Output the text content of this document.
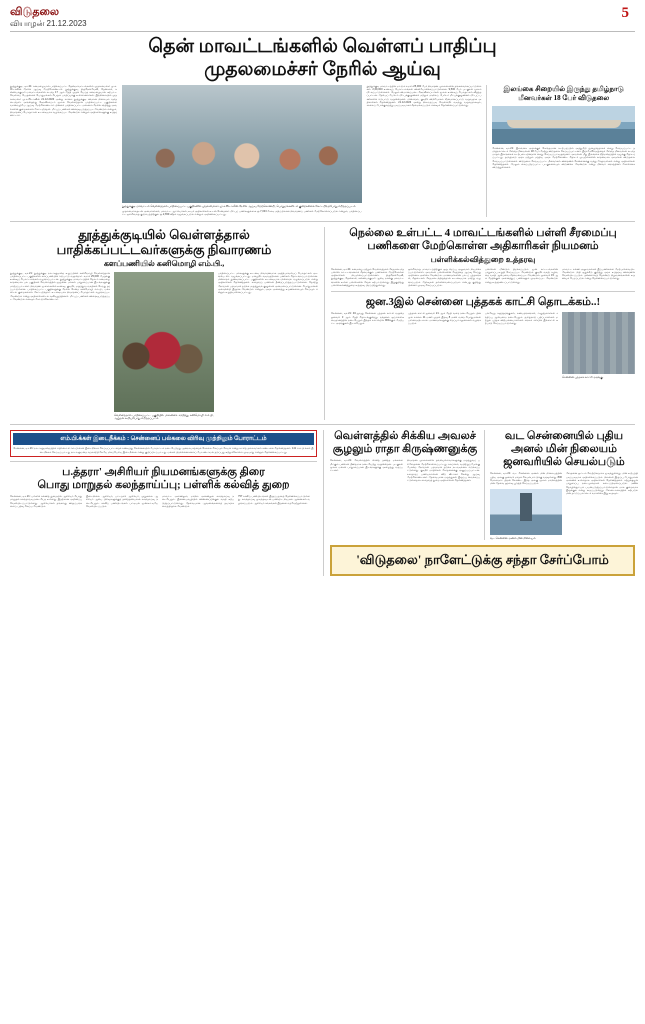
விடுதலை
வியாழன் 21.12.2023
5
தென் மாவட்டங்களில் வெள்ளப் பாதிப்பு
முதலமைச்சர் நேரில் ஆய்வு
தூத்துக்குடி, டிச.21: கனமழையால் பாதிக்கப்பட்ட தென்மாவட்டங்களில் முதலமைச்சர் மு.க.ஸ்டாலின் நேரில் ஆய்வு மேற்கொண்டார். தூத்துக்குடி, திருநெல்வேலி, தென்காசி, கன்னியாகுமரி மாவட்டங்களில் கடந்த 17 ஆம் தேதி முதல் பெய்த கனமழையால் ஏற்பட்ட வெள்ளப் பெருக்கால் பொதுமக்கள் பெரும் பாதிப்புக்கு உள்ளானார்கள். இந்நிலையில் முதலமைச்சர் மு.க.ஸ்டாலின் 21.12.2023 அன்று காலை தூத்துக்குடி விமான நிலையம் வந்தடைந்தார். அங்கிருந்து ஹெலிகாப்டர் மூலம் வெள்ளத்தால் பாதிக்கப்பட்ட பகுதிகளை வான்வழியே ஆய்வு மேற்கொண்டார். பின்னர் பாதிக்கப்பட்ட மக்களை நேரில் சந்தித்து அவர்களின் குறைகளைக் கேட்டறிந்தார். மீட்புப் பணிகள் விரைவுபடுத்தப்பட வேண்டும் என்றும், நிவாரணப் பொருட்கள் உடனடியாக வழங்கப்பட வேண்டும் என்றும் அதிகாரிகளுக்கு உத்தரவிட்டார்.
தூத்துக்குடி மாவட்டம் வெள்ளத்தால் பாதிக்கப்பட்ட பகுதிகளில் முதலமைச்சர் மு.க.ஸ்டாலின் நேரில் ஆய்வு மேற்கொண்டு, பொதுமக்களிடம் குறைகளைக் கேட்டறிந்தபோது எடுத்தப்படம்.
முதலமைச்சருடன் அமைச்சர்கள், மாவட்ட ஆட்சியர்கள், உயர் அதிகாரிகள் உடன் சென்றனர். மீட்புப் பணிகளுக்காக ரூ.7,033 கோடி மதிப்பிலான நிவாரணப் பணிகள் மேற்கொள்ளப்படும் என்றும், பாதிக்கப்பட்ட ஒவ்வொரு குடும்பத்திற்கும் ரூ.2,659 வீதம் வழங்கப்படும் என்றும் அறிவிக்கப்பட்டது.
தூத்துக்குடி மாவட்டத்தில் மட்டும் சுமார் 25,000 பேர் நிவாரண முகாம்களில் தங்கவைக்கப்பட்டுள்ளனர். 2,69,000 உணவுப் பொட்டலங்கள் வினியோகிக்கப்பட்டுள்ளன. 9,500 பேர் படகுகள் மூலம் மீட்கப்பட்டுள்ளனர். மேலும் விமானப்படை ஹெலிகாப்டர்கள் மூலம் உணவுப் பொருட்கள் வீழ்த்தப்பட்டன. தேசியப் பேரிடர் மீட்புக்குழுவினர் மற்றும் மாநிலப் பேரிடர் மீட்புக்குழுவினர் மீட்புப் பணிகளில் ஈடுபட்டு வருகின்றனர். மின்சாரம், குடிநீர் விநியோகம் சீரமைக்கப்பட்டு வருவதாக அதிகாரிகள் தெரிவித்தனர். 21.12.2023 அன்று நிலவரப்படி வெள்ளநீர் வடிந்து வருவதாகவும், சாலைப் போக்குவரத்து படிப்படியாகச் சீரமைக்கப்படும் எனவும் தெரிவிக்கப்பட்டுள்ளது.
இலங்கை சிறையில் இருந்து தமிழ்நாடு மீனவர்கள் 18 பேர் விடுதலை
சென்னை, டிச.21: இலங்கை அரசுக்குச் சொந்தமான கடற்பரப்பில் அத்துமீறி நுழைந்ததாகக் கைது செய்யப்பட்ட தமிழ்நாட்டைச் சேர்ந்த மீனவர்கள் 18 பேர் நேற்று விடுதலை செய்யப்பட்டனர். இராமேஸ்வரத்தைச் சேர்ந்த மீனவர்கள் கடந்த மாதம் இலங்கைக் கடற்படையினரால் கைது செய்யப்பட்டிருந்தனர். அவர்கள் மீது இலங்கை நீதிமன்றத்தில் வழக்கு தொடரப்பட்டது. தமிழ்நாடு அரசு மற்றும் மத்திய அரசு மேற்கொண்ட தொடர் முயற்சிகளின் காரணமாக அவர்கள் விடுதலை செய்யப்பட்டுள்ளனர். விடுதலை செய்யப்பட்ட மீனவர்கள் விரைவில் சென்னைக்கு வந்து சேருவார்கள் என்று அதிகாரிகள் தெரிவித்தனர். மேலும் கைப்பற்றப்பட்ட படகுகளையும் விடுவிக்க வேண்டும் என்று மீனவர் சங்கத்தினர் கோரிக்கை விடுத்துள்ளனர்.
தூத்துக்குடியில் வெள்ளத்தால்
பாதிக்கப்பட்டவர்களுக்கு நிவாரணம்
களப்பணியில் கனிமொழி எம்.பி.,
தூத்துக்குடி, டிச.21: தூத்துக்குடி நாடாளுமன்ற உறுப்பினர் கனிமொழி வெள்ளத்தால் பாதிக்கப்பட்ட பகுதிகளில் களப்பணியில் ஈடுபட்டு வருகிறார். சுமார் 25,000 பேருக்கு உணவுப் பொட்டலங்கள் வழங்கப்பட்டன. தூத்துக்குடி மாவட்டத்தில் தொடர் கனமழை காரணமாக பல பகுதிகள் வெள்ளத்தில் மூழ்கின. மக்கள் பாதுகாப்பான இடங்களுக்கு மாற்றப்பட்டனர். நிவாரண முகாம்களில் உணவு, குடிநீர், மருத்துவ வசதிகள் செய்து தரப்பட்டுள்ளன. பாதிக்கப்பட்ட பகுதிகளுக்கு நேரில் சென்ற கனிமொழி எம்.பி., மக்களிடம் குறைகளைக் கேட்டறிந்தார். உடனடியாக நிவாரணப் பொருட்கள் வழங்கப்பட வேண்டும் என்று அதிகாரிகளிடம் வலியுறுத்தினார். மீட்புப் பணிகள் விரைவுபடுத்தப்பட வேண்டும் எனவும் கேட்டுக்கொண்டார்.
வெள்ளத்தால் பாதிக்கப்பட்ட பகுதியில் மக்களைச் சந்தித்து கனிமொழி எம்.பி., ஆறுதல் கூறியபோது எடுத்தப்படம்.
பாதிக்கப்பட்ட மக்களுக்கு உடனடி நிவாரணமாக அத்தியாவசியப் பொருட்கள் அடங்கிய கிட் வழங்கப்பட்டது. மழைநீர் வடிவதற்கான பணிகள் தொடங்கப்பட்டுள்ளன. மின்சாரம் துண்டிக்கப்பட்ட பகுதிகளில் உடனடியாக மின்சாரம் வழங்கப்படும் என்று அதிகாரிகள் தெரிவித்தனர். சுகாதாரப் பணிகள் தீவிரப்படுத்தப்பட்டுள்ளன. தொற்று நோய்கள் பரவாமல் தடுக்க மருத்துவக் குழுக்கள் அமைக்கப்பட்டுள்ளன. பொதுமக்கள் அச்சமின்றி இருக்க வேண்டும் என்றும், அரசு அனைத்து உதவிகளையும் செய்யும் என்றும் உறுதியளிக்கப்பட்டது.
நெல்லை உள்பட்ட 4 மாவட்டங்களில் பள்ளி சீரமைப்பு
பணிகளை மேற்கொள்ள அதிகாரிகள் நியமனம்
பள்ளிக்கல்வித்துறை உத்தரவு
சென்னை, டிச.21: கனமழை மற்றும் வெள்ளத்தால் சேதமடைந்த பள்ளிக் கட்டடங்களைச் சீரமைக்கும் பணிகளை மேற்கொள்ள அதிகாரிகள் நியமிக்கப்பட்டுள்ளனர். திருநெல்வேலி, தூத்துக்குடி, தென்காசி, கன்னியாகுமரி ஆகிய நான்கு மாவட்டங்களில் உள்ள பள்ளிகளில் சேதம் ஏற்பட்டுள்ளது. இதுகுறித்து பள்ளிக்கல்வித்துறை உத்தரவு பிறப்பித்துள்ளது.
ஒவ்வொரு மாவட்டத்திற்கும் ஒரு சிறப்பு அலுவலர் நியமிக்கப்பட்டுள்ளார். அவர்கள் பள்ளிகளின் சேதத்தை ஆய்வு செய்து அறிக்கை அளிக்க வேண்டும். மாணவர்களின் பாடப் புத்தகங்கள், சீருடைகள் சேதமடைந்திருந்தால் உடனடியாக மாற்று வழங்கப்படும். தேர்வுகள் தள்ளிவைக்கப்படுமா என்பது குறித்து பின்னர் முடிவு செய்யப்படும்.
பள்ளிகள் மீண்டும் திறக்கப்படும் முன் கட்டடங்களின் பாதுகாப்பு உறுதி செய்யப்பட வேண்டும். குடிநீர் வசதி, கழிவறை வசதி ஆகியவை சீரமைக்கப்பட வேண்டும். ஜனவரி 15 ஆம் தேதிக்குள் அனைத்துப் பணிகளும் முடிக்கப்பட வேண்டும் என்று உத்தரவிடப்பட்டுள்ளது.
மாவட்ட கல்வி அலுவலர்கள் இப்பணிகளை மேற்பார்வையிட வேண்டும். நிதி ஒதுக்கீடு குறித்து அரசு உத்தரவு விரைவில் வெளியிடப்படும். தன்னார்வத் தொண்டு நிறுவனங்களின் உதவியும் பெறப்படும் என்று தெரிவிக்கப்பட்டுள்ளது.
ஜன.3இல் சென்னை புத்தகக் காட்சி தொடக்கம்..!
சென்னை, டிச.21: 46ஆவது சென்னை புத்தகக் காட்சி வருகிற ஜனவரி 3 ஆம் தேதி தொடங்குகிறது. நந்தனம் ஒய்எம்சிஏ மைதானத்தில் நடைபெறும் இந்தக் காட்சியில் 900க்கும் மேற்பட்ட அரங்குகள் இடம்பெறும்.
புத்தகக் காட்சி ஜனவரி 21 ஆம் தேதி வரை நடைபெறும். தினமும் காலை 11 மணி முதல் இரவு 8 மணி வரை பொதுமக்கள் பார்வையிடலாம். மாணவர்களுக்கு சிறப்புச் சலுகைகள் வழங்கப்படும்.
பல்வேறு கருத்தரங்குகள், கவியரங்கங்கள், எழுத்தாளர்கள் சந்திப்பு ஆகியவை நடைபெறும். தமிழ்நாடு பதிப்பாளர்கள் மற்றும் புத்தக விற்பனையாளர்கள் சங்கம் சார்பில் இக்காட்சி ஏற்பாடு செய்யப்பட்டுள்ளது.
சென்னை புத்தகக் காட்சி அரங்கு.
எம்.பி.க்கள் இடைநீக்கம் : சென்னைப் பல்கலை விரிவு முற்றிலும் போராட்டம்
சென்னை, டிச.21: நாடாளுமன்றத்தில் எதிர்க்கட்சி எம்.பி.க்கள் இடைநீக்கம் செய்யப்பட்டதைக் கண்டித்து சென்னையில் போராட்டம் நடைபெற்றது. ஜனநாயகத்தைக் கொலை செய்யும் செயல் என்று கட்சித் தலைவர்கள் கண்டனம் தெரிவித்தனர். 141 எம்.பி.க்கள் இடைநீக்கம் செய்யப்பட்டது நாடாளுமன்ற வரலாற்றிலேயே மிகப்பெரிய இடைநீக்கம் என்று குறிப்பிடப்பட்டது. மக்கள் பிரச்சினைகளைப் பேச விடாமல் தடுப்பது ஏற்றுக்கொள்ள முடியாது என்றும் தெரிவிக்கப்பட்டது.
ப.த்தரா' அசிரியர் நியமனங்களுக்கு திரை
பொது மாறுதல் கலந்தாய்ப்பு; பள்ளிக் கல்வித் துறை
சென்னை, டிச.21: பள்ளிக் கல்வித் துறையில் ஆசிரியர் பொது மாறுதல் கலந்தாய்வு நடைபெற உள்ளது. இதற்கான அறிவிப்பு வெளியிடப்பட்டுள்ளது. ஆசிரியர்கள் தங்களது விருப்பங்களைப் பதிவு செய்ய வேண்டும்.
இடைநிலை ஆசிரியர், பட்டதாரி ஆசிரியர், முதுகலை ஆசிரியர் ஆகிய பிரிவுகளுக்குத் தனித்தனியாகக் கலந்தாய்வு நடைபெறும். காலிப் பணியிடங்கள் பட்டியல் முன்கூட்டியே வெளியிடப்படும்.
மாவட்ட அளவிலும், மாநில அளவிலும் கலந்தாய்வு நடைபெறும். இணையவழியில் விண்ணப்பிக்கும் வசதி ஏற்படுத்தப்பட்டுள்ளது. தேவையான ஆவணங்களைத் தயாராக வைத்திருக்க வேண்டும்.
757 காலிப் பணியிடங்கள் இருப்பதாகத் தெரிவிக்கப்பட்டுள்ளது. கலந்தாய்வு முடிந்தவுடன் பணியிட நியமன ஆணைகள் வழங்கப்படும். ஆசிரியர் சங்கங்கள் இதனை வரவேற்றுள்ளன.
வெள்ளத்தில் சிக்கிய அவலச்
சூழலும் ராதா கிருஷ்ணனுக்கு
சென்னை, டிச.21: வெள்ளத்தில் சிக்கித் தவித்த மக்களை மீட்கும் பணிகள் தீவிரமாக நடைபெற்று வருகின்றன. படகுகள் மூலம் மக்கள் பாதுகாப்பான இடங்களுக்கு அழைத்து வரப்பட்டனர்.
நிவாரண முகாம்களில் தங்கியுள்ளவர்களுக்கு மருத்துவப் பரிசோதனை மேற்கொள்ளப்பட்டது. காய்ச்சல், வயிற்றுப்போக்கு போன்ற நோய்கள் பரவாமல் தடுக்க நடவடிக்கை எடுக்கப்பட்டுள்ளது. குடிநீர் மாதிரிகள் சோதனைக்கு அனுப்பப்பட்டன. சுகாதாரப் பணியாளர்கள் வீடு வீடாகச் சென்று ஆய்வு மேற்கொண்டனர். தேவையான மருந்துகள் இருப்பு வைக்கப்பட்டுள்ளதாக சுகாதாரத் துறை அதிகாரிகள் தெரிவித்தனர்.
வட சென்னையில் புதிய அனல் மின் நிலையம்
ஜனவரியில் செயல்படும்
சென்னை, டிச.21: வட சென்னை அனல் மின் நிலையத்தின் புதிய அலகு ஜனவரி மாதம் செயல்பாட்டுக்கு வரவுள்ளது. 800 மெகாவாட் திறன் கொண்ட இந்த அலகு மூலம் மாநிலத்தின் மின் தேவை ஓரளவு பூர்த்தி செய்யப்படும்.
வட சென்னை அனல் மின் நிலையம்.
சோதனை ஓட்டம் வெற்றிகரமாக முடிந்துள்ளது. மின் உற்பத்தி படிப்படியாக அதிகரிக்கப்படும். நிலக்கரி இருப்பு போதுமான அளவில் உள்ளதாக அதிகாரிகள் தெரிவித்தனர். சுற்றுச்சூழல் பாதுகாப்பு நடைமுறைகள் கடைப்பிடிக்கப்படும். நவீன தொழில்நுட்பம் பயன்படுத்தப்பட்டுள்ளதால் மாசு குறைவாக இருக்கும் என்று கூறப்படுகிறது. கோடைகாலத்தில் ஏற்படும் மின் தட்டுப்பாட்டைச் சமாளிக்க இது உதவும்.
'விடுதலை' நாளேட்டுக்கு சந்தா சேர்ப்போம்
